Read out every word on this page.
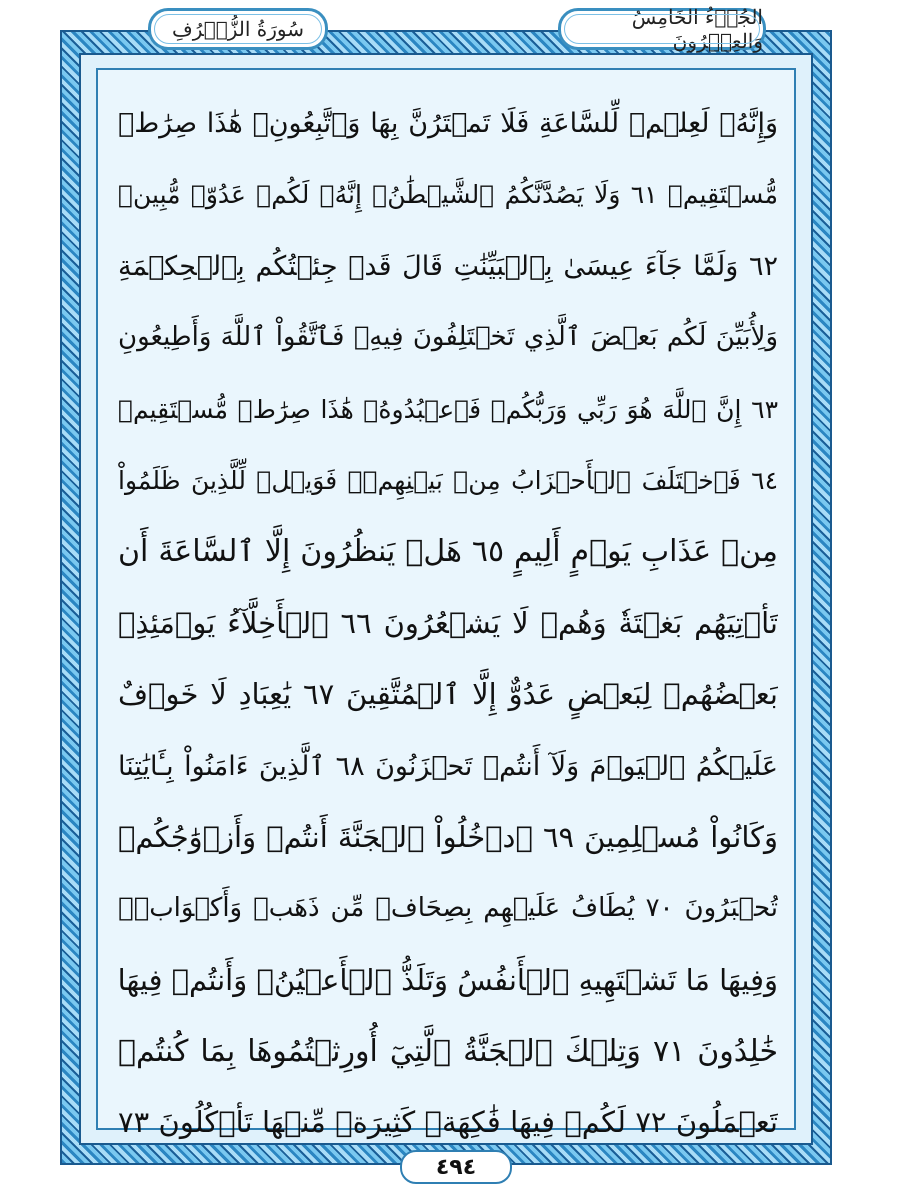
سُورَةُ الزُّخۡرُفِ	الجُزۡءُ الخَامِسُ وَالعِشۡرُونَ
وَإِنَّهُۥ لَعِلۡمٞ لِّلسَّاعَةِ فَلَا تَمۡتَرُنَّ بِهَا وَٱتَّبِعُونِۚ هَٰذَا صِرَٰطٞ
مُّسۡتَقِيمٞ ٦١ وَلَا يَصُدَّنَّكُمُ ٱلشَّيۡطَٰنُۖ إِنَّهُۥ لَكُمۡ عَدُوّٞ مُّبِينٞ
٦٢ وَلَمَّا جَآءَ عِيسَىٰ بِٱلۡبَيِّنَٰتِ قَالَ قَدۡ جِئۡتُكُم بِٱلۡحِكۡمَةِ
وَلِأُبَيِّنَ لَكُم بَعۡضَ ٱلَّذِي تَخۡتَلِفُونَ فِيهِۖ فَٱتَّقُواْ ٱللَّهَ وَأَطِيعُونِ
٦٣ إِنَّ ٱللَّهَ هُوَ رَبِّي وَرَبُّكُمۡ فَٱعۡبُدُوهُۚ هَٰذَا صِرَٰطٞ مُّسۡتَقِيمٞ
٦٤ فَٱخۡتَلَفَ ٱلۡأَحۡزَابُ مِنۢ بَيۡنِهِمۡۖ فَوَيۡلٞ لِّلَّذِينَ ظَلَمُواْ
مِنۡ عَذَابِ يَوۡمٍ أَلِيمٍ ٦٥ هَلۡ يَنظُرُونَ إِلَّا ٱلسَّاعَةَ أَن
تَأۡتِيَهُم بَغۡتَةٗ وَهُمۡ لَا يَشۡعُرُونَ ٦٦ ٱلۡأَخِلَّآءُ يَوۡمَئِذِۭ
بَعۡضُهُمۡ لِبَعۡضٍ عَدُوٌّ إِلَّا ٱلۡمُتَّقِينَ ٦٧ يَٰعِبَادِ لَا خَوۡفٌ
عَلَيۡكُمُ ٱلۡيَوۡمَ وَلَآ أَنتُمۡ تَحۡزَنُونَ ٦٨ ٱلَّذِينَ ءَامَنُواْ بِـَٔايَٰتِنَا
وَكَانُواْ مُسۡلِمِينَ ٦٩ ٱدۡخُلُواْ ٱلۡجَنَّةَ أَنتُمۡ وَأَزۡوَٰجُكُمۡ
تُحۡبَرُونَ ٧٠ يُطَافُ عَلَيۡهِم بِصِحَافٖ مِّن ذَهَبٖ وَأَكۡوَابٖۖ
وَفِيهَا مَا تَشۡتَهِيهِ ٱلۡأَنفُسُ وَتَلَذُّ ٱلۡأَعۡيُنُۖ وَأَنتُمۡ فِيهَا
خَٰلِدُونَ ٧١ وَتِلۡكَ ٱلۡجَنَّةُ ٱلَّتِيٓ أُورِثۡتُمُوهَا بِمَا كُنتُمۡ
تَعۡمَلُونَ ٧٢ لَكُمۡ فِيهَا فَٰكِهَةٞ كَثِيرَةٞ مِّنۡهَا تَأۡكُلُونَ ٧٣
٤٩٤
